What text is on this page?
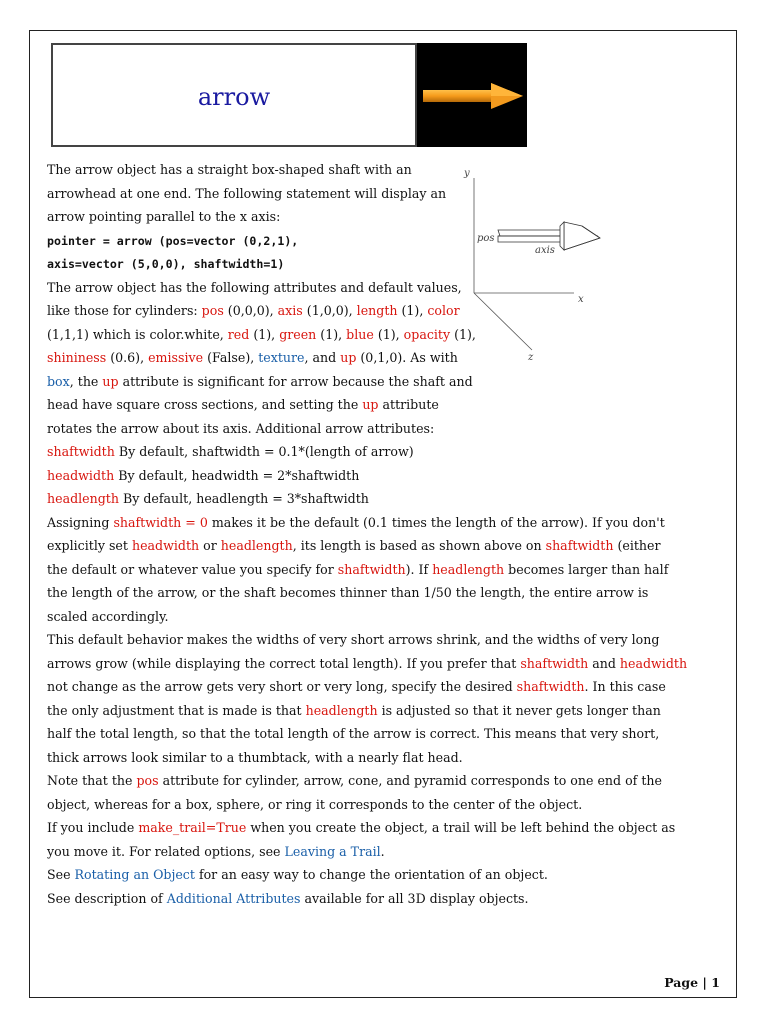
arrow
y
x
z
pos
axis
The arrow object has a straight box-shaped shaft with an
arrowhead at one end. The following statement will display an
arrow pointing parallel to the x axis:
pointer = arrow (pos=vector (0,2,1),
axis=vector (5,0,0), shaftwidth=1)
The arrow object has the following attributes and default values,
like those for cylinders: pos (0,0,0), axis (1,0,0), length (1), color
(1,1,1) which is color.white, red (1), green (1), blue (1), opacity (1),
shininess (0.6), emissive (False), texture, and up (0,1,0). As with
box, the up attribute is significant for arrow because the shaft and
head have square cross sections, and setting the up attribute
rotates the arrow about its axis. Additional arrow attributes:
shaftwidth By default, shaftwidth = 0.1*(length of arrow)
headwidth By default, headwidth = 2*shaftwidth
headlength By default, headlength = 3*shaftwidth
Assigning shaftwidth = 0 makes it be the default (0.1 times the length of the arrow). If you don't
explicitly set headwidth or headlength, its length is based as shown above on shaftwidth (either
the default or whatever value you specify for shaftwidth). If headlength becomes larger than half
the length of the arrow, or the shaft becomes thinner than 1/50 the length, the entire arrow is
scaled accordingly.
This default behavior makes the widths of very short arrows shrink, and the widths of very long
arrows grow (while displaying the correct total length). If you prefer that shaftwidth and headwidth
not change as the arrow gets very short or very long, specify the desired shaftwidth. In this case
the only adjustment that is made is that headlength is adjusted so that it never gets longer than
half the total length, so that the total length of the arrow is correct. This means that very short,
thick arrows look similar to a thumbtack, with a nearly flat head.
Note that the pos attribute for cylinder, arrow, cone, and pyramid corresponds to one end of the
object, whereas for a box, sphere, or ring it corresponds to the center of the object.
If you include make_trail=True when you create the object, a trail will be left behind the object as
you move it. For related options, see Leaving a Trail.
See Rotating an Object for an easy way to change the orientation of an object.
See description of Additional Attributes available for all 3D display objects.
Page | 1
